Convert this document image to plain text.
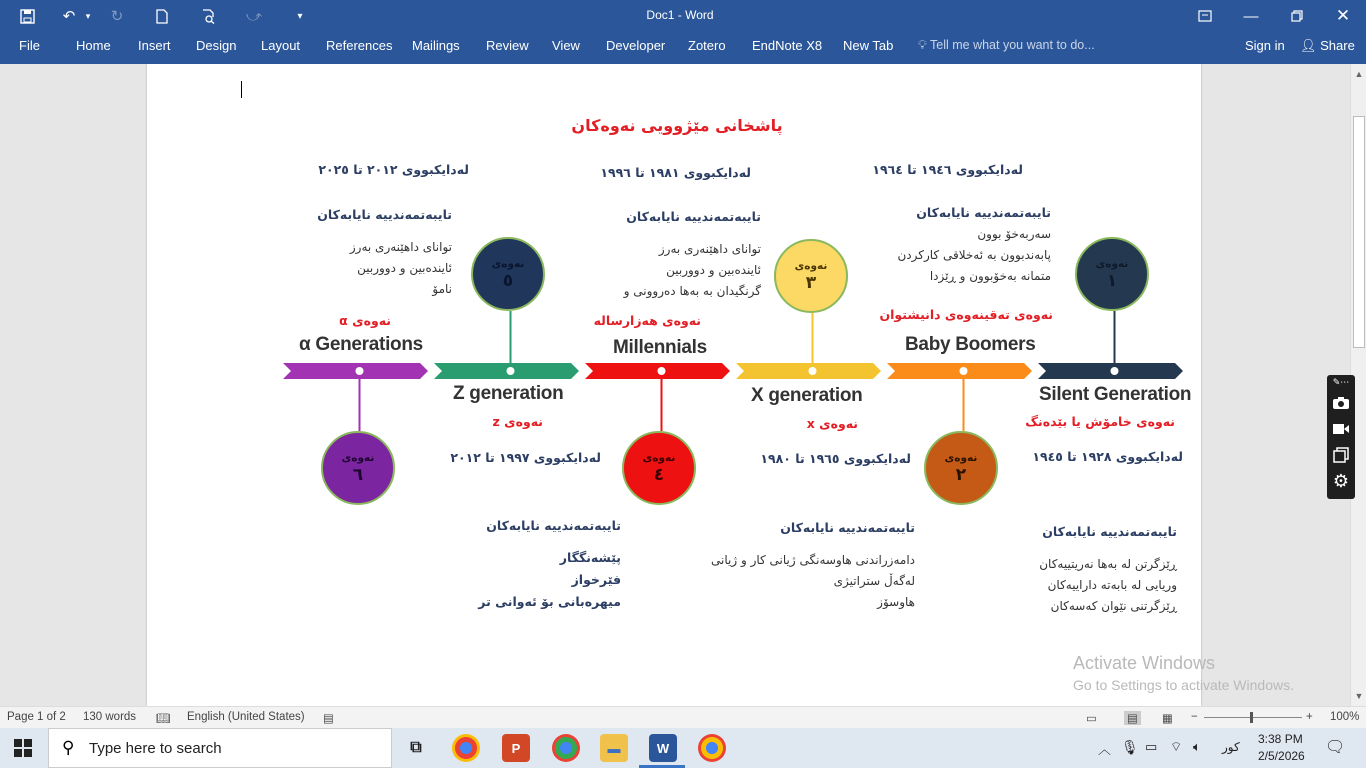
↶	▾	↻	⤻	▾	Doc1 - Word	—	✕
File	Home Insert Design Layout References Mailings Review View Developer Zotero EndNote X8 New Tab 💡︎ Tell me what you want to do...	Sign in 👤︎ Share
پاشخانی مێژوویی نەوەکان
Silent Generation
نەوەی خامۆش یا بێدەنگ
لەدایکبووی ١٩٢٨ تا ١٩٤٥
تایبەتمەندییە نایابەکان
ڕێزگرتن لە بەها نەریتییەکان
وریایی لە بابەتە داراییەکان
ڕێزگرتنی نێوان کەسەکان
Baby Boomers
نەوەی تەقینەوەی دانیشتوان
لەدایکبووی ١٩٤٦ تا ١٩٦٤
تایبەتمەندییە نایابەکان
سەربەخۆ بوون
پابەندبوون بە ئەخلاقی کارکردن
متمانە بەخۆبوون و ڕێزدا
X generation
نەوەی x
لەدایکبووی ١٩٦٥ تا ١٩٨٠
تایبەتمەندییە نایابەکان
دامەزراندنی هاوسەنگی ژیانی کار و ژیانی
لەگەڵ ستراتیژی
هاوسۆز
Millennials
نەوەی هەزارسالە
لەدایکبووی ١٩٨١ تا ١٩٩٦
تایبەتمەندییە نایابەکان
توانای داهێنەری بەرز
ئایندەبین و دووربین
گرنگیدان بە بەها دەروونی و
Z generation
نەوەی z
لەدایکبووی ١٩٩٧ تا ٢٠١٢
تایبەتمەندییە نایابەکان
پێشەنگگار
فێرخواز
میهرەبانی بۆ ئەوانی تر
α Generations
نەوەی α
لەدایکبووی ٢٠١٢ تا ٢٠٢٥
تایبەتمەندییە نایابەکان
توانای داهێنەری بەرز
ئایندەبین و دووربین
نامۆ
نەوەی
١
نەوەی
٢
نەوەی
٣
نەوەی
٤
نەوەی
٥
نەوەی
٦
Activate Windows
Go to Settings to activate Windows.
▲
▼
✎⋯
⚙
Page 1 of 2 130 words 📖︎ English (United States) ▤	▭	▤ ▦ −	+ 100%
⚲ Type here to search	⧉	P	▬	W	︿ 🎙︎ ▭ ⌔ 🔈︎ کور
3:38 PM
2/5/2026 🗨︎
